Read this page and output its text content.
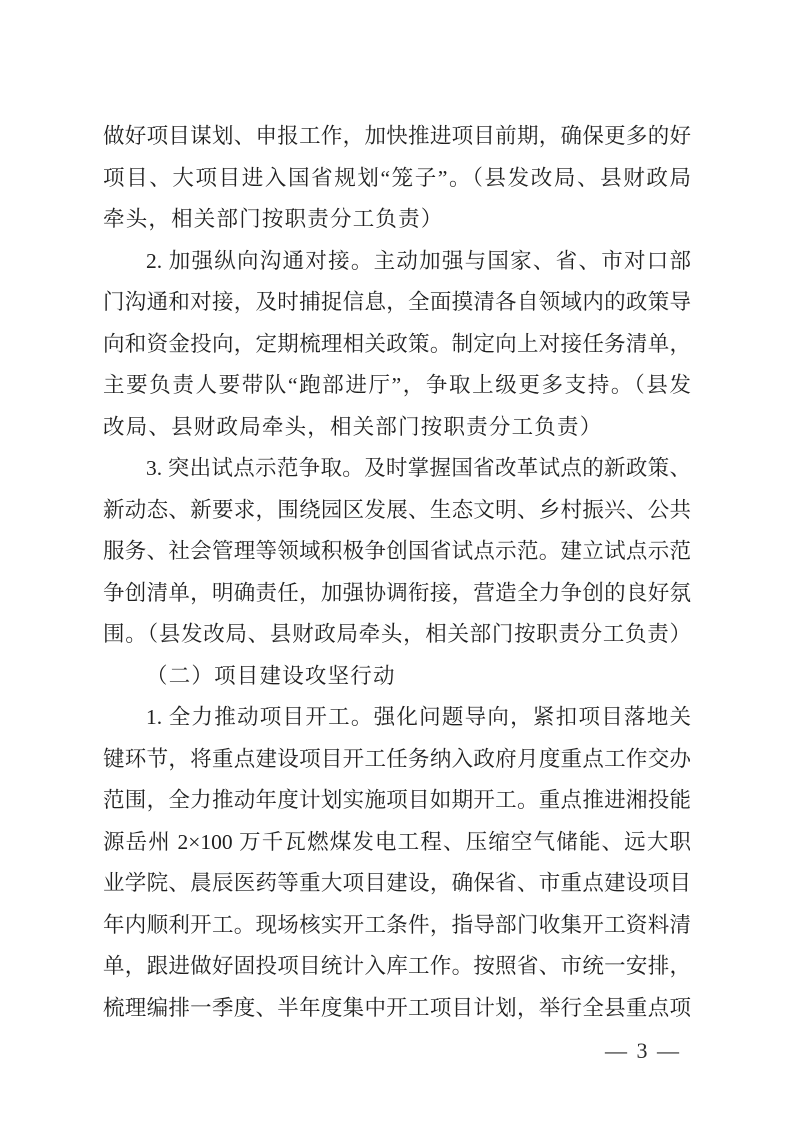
做好项目谋划、申报工作，加快推进项目前期，确保更多的好
项目、大项目进入国省规划“笼子”。（县发改局、县财政局
牵头，相关部门按职责分工负责）
2. 加强纵向沟通对接。主动加强与国家、省、市对口部
门沟通和对接，及时捕捉信息，全面摸清各自领域内的政策导
向和资金投向，定期梳理相关政策。制定向上对接任务清单，
主要负责人要带队“跑部进厅”，争取上级更多支持。（县发
改局、县财政局牵头，相关部门按职责分工负责）
3. 突出试点示范争取。及时掌握国省改革试点的新政策、
新动态、新要求，围绕园区发展、生态文明、乡村振兴、公共
服务、社会管理等领域积极争创国省试点示范。建立试点示范
争创清单，明确责任，加强协调衔接，营造全力争创的良好氛
围。（县发改局、县财政局牵头，相关部门按职责分工负责）
（二）项目建设攻坚行动
1. 全力推动项目开工。强化问题导向，紧扣项目落地关
键环节，将重点建设项目开工任务纳入政府月度重点工作交办
范围，全力推动年度计划实施项目如期开工。重点推进湘投能
源岳州 2×100 万千瓦燃煤发电工程、压缩空气储能、远大职
业学院、晨辰医药等重大项目建设，确保省、市重点建设项目
年内顺利开工。现场核实开工条件，指导部门收集开工资料清
单，跟进做好固投项目统计入库工作。按照省、市统一安排，
梳理编排一季度、半年度集中开工项目计划，举行全县重点项
— 3 —
